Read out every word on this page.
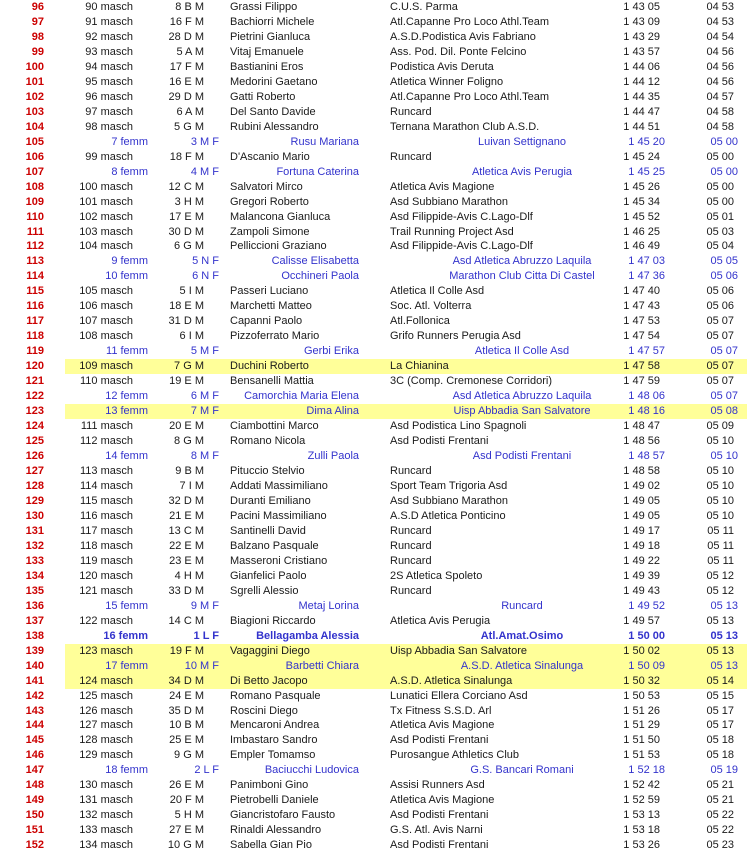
96	90 masch	8 B M	Grassi Filippo	C.U.S. Parma	1 43 05	04 53
97	91 masch	16 F M	Bachiorri Michele	Atl.Capanne Pro Loco Athl.Team	1 43 09	04 53
98	92 masch	28 D M	Pietrini Gianluca	A.S.D.Podistica Avis Fabriano	1 43 29	04 54
99	93 masch	5 A M	Vitaj Emanuele	Ass. Pod. Dil. Ponte Felcino	1 43 57	04 56
100	94 masch	17 F M	Bastianini Eros	Podistica Avis Deruta	1 44 06	04 56
101	95 masch	16 E M	Medorini Gaetano	Atletica Winner Foligno	1 44 12	04 56
102	96 masch	29 D M	Gatti Roberto	Atl.Capanne Pro Loco Athl.Team	1 44 35	04 57
103	97 masch	6 A M	Del Santo Davide	Runcard	1 44 47	04 58
104	98 masch	5 G M	Rubini Alessandro	Ternana Marathon Club A.S.D.	1 44 51	04 58
105	7 femm	3 M F	Rusu Mariana	Luivan Settignano	1 45 20	05 00
106	99 masch	18 F M	D'Ascanio Mario	Runcard	1 45 24	05 00
107	8 femm	4 M F	Fortuna Caterina	Atletica Avis Perugia	1 45 25	05 00
108	100 masch	12 C M	Salvatori Mirco	Atletica Avis Magione	1 45 26	05 00
109	101 masch	3 H M	Gregori Roberto	Asd Subbiano Marathon	1 45 34	05 00
110	102 masch	17 E M	Malancona Gianluca	Asd Filippide-Avis C.Lago-Dlf	1 45 52	05 01
111	103 masch	30 D M	Zampoli Simone	Trail Running Project Asd	1 46 25	05 03
112	104 masch	6 G M	Pelliccioni Graziano	Asd Filippide-Avis C.Lago-Dlf	1 46 49	05 04
113	9 femm	5 N F	Calisse Elisabetta	Asd Atletica Abruzzo Laquila	1 47 03	05 05
114	10 femm	6 N F	Occhineri Paola	Marathon Club Citta Di Castel	1 47 36	05 06
115	105 masch	5 I M	Passeri Luciano	Atletica Il Colle Asd	1 47 40	05 06
116	106 masch	18 E M	Marchetti Matteo	Soc. Atl. Volterra	1 47 43	05 06
117	107 masch	31 D M	Capanni Paolo	Atl.Follonica	1 47 53	05 07
118	108 masch	6 I M	Pizzoferrato Mario	Grifo Runners Perugia Asd	1 47 54	05 07
119	11 femm	5 M F	Gerbi Erika	Atletica Il Colle Asd	1 47 57	05 07
120	109 masch	7 G M	Duchini Roberto	La Chianina	1 47 58	05 07
121	110 masch	19 E M	Bensanelli Mattia	3C (Comp. Cremonese Corridori)	1 47 59	05 07
122	12 femm	6 M F	Camorchia Maria Elena	Asd Atletica Abruzzo Laquila	1 48 06	05 07
123	13 femm	7 M F	Dima Alina	Uisp Abbadia San Salvatore	1 48 16	05 08
124	111 masch	20 E M	Ciambottini Marco	Asd Podistica Lino Spagnoli	1 48 47	05 09
125	112 masch	8 G M	Romano Nicola	Asd Podisti Frentani	1 48 56	05 10
126	14 femm	8 M F	Zulli Paola	Asd Podisti Frentani	1 48 57	05 10
127	113 masch	9 B M	Pituccio Stelvio	Runcard	1 48 58	05 10
128	114 masch	7 I M	Addati Massimiliano	Sport Team Trigoria Asd	1 49 02	05 10
129	115 masch	32 D M	Duranti Emiliano	Asd Subbiano Marathon	1 49 05	05 10
130	116 masch	21 E M	Pacini Massimiliano	A.S.D Atletica Ponticino	1 49 05	05 10
131	117 masch	13 C M	Santinelli David	Runcard	1 49 17	05 11
132	118 masch	22 E M	Balzano Pasquale	Runcard	1 49 18	05 11
133	119 masch	23 E M	Masseroni Cristiano	Runcard	1 49 22	05 11
134	120 masch	4 H M	Gianfelici Paolo	2S Atletica Spoleto	1 49 39	05 12
135	121 masch	33 D M	Sgrelli Alessio	Runcard	1 49 43	05 12
136	15 femm	9 M F	Metaj Lorina	Runcard	1 49 52	05 13
137	122 masch	14 C M	Biagioni Riccardo	Atletica Avis Perugia	1 49 57	05 13
138	16 femm	1 L F	Bellagamba Alessia	Atl.Amat.Osimo	1 50 00	05 13
139	123 masch	19 F M	Vagaggini Diego	Uisp Abbadia San Salvatore	1 50 02	05 13
140	17 femm	10 M F	Barbetti Chiara	A.S.D. Atletica Sinalunga	1 50 09	05 13
141	124 masch	34 D M	Di Betto Jacopo	A.S.D. Atletica Sinalunga	1 50 32	05 14
142	125 masch	24 E M	Romano Pasquale	Lunatici Ellera Corciano Asd	1 50 53	05 15
143	126 masch	35 D M	Roscini Diego	Tx Fitness S.S.D. Arl	1 51 26	05 17
144	127 masch	10 B M	Mencaroni Andrea	Atletica Avis Magione	1 51 29	05 17
145	128 masch	25 E M	Imbastaro Sandro	Asd Podisti Frentani	1 51 50	05 18
146	129 masch	9 G M	Empler Tomamso	Purosangue Athletics Club	1 51 53	05 18
147	18 femm	2 L F	Baciucchi Ludovica	G.S. Bancari Romani	1 52 18	05 19
148	130 masch	26 E M	Panimboni Gino	Assisi Runners Asd	1 52 42	05 21
149	131 masch	20 F M	Pietrobelli Daniele	Atletica Avis Magione	1 52 59	05 21
150	132 masch	5 H M	Giancristofaro Fausto	Asd Podisti Frentani	1 53 13	05 22
151	133 masch	27 E M	Rinaldi Alessandro	G.S. Atl. Avis Narni	1 53 18	05 22
152	134 masch	10 G M	Sabella Gian Pio	Asd Podisti Frentani	1 53 26	05 23
